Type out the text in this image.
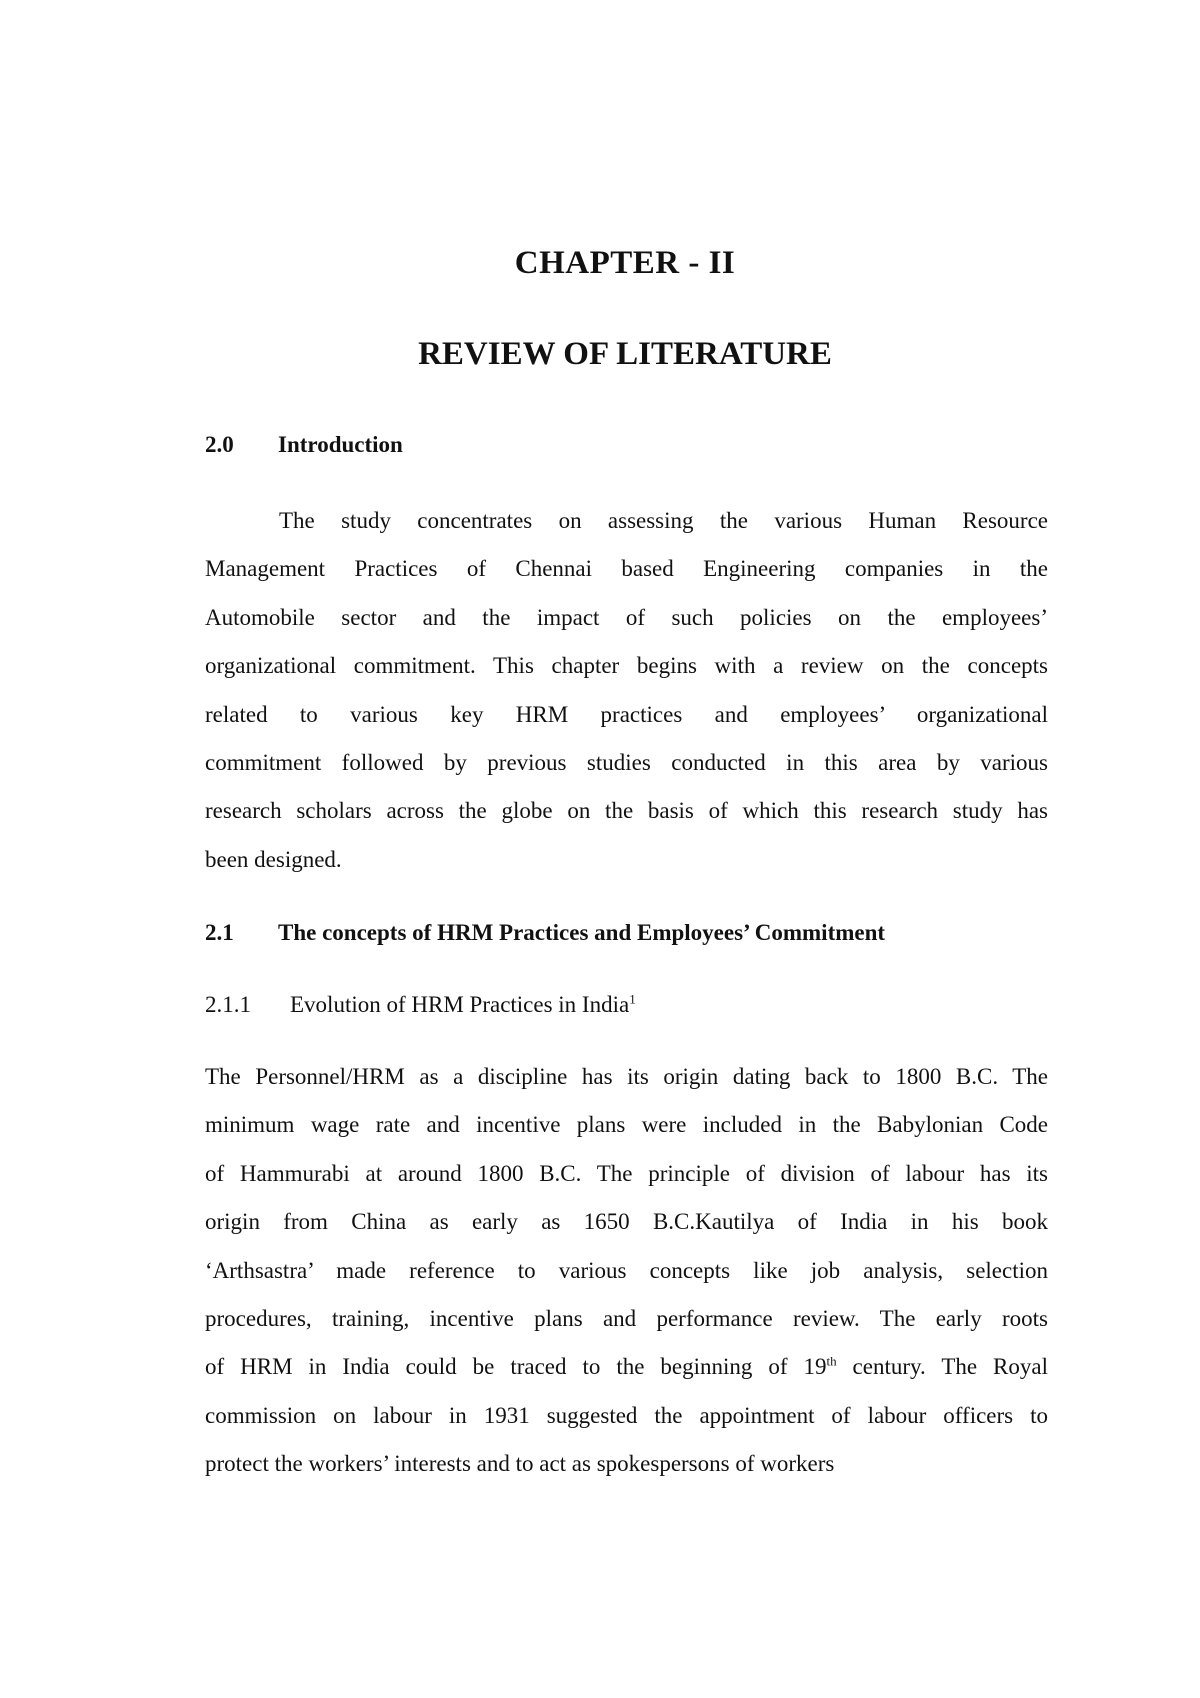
CHAPTER - II
REVIEW OF LITERATURE
2.0 Introduction
The study concentrates on assessing the various Human Resource
Management Practices of Chennai based Engineering companies in the
Automobile sector and the impact of such policies on the employees’
organizational commitment. This chapter begins with a review on the concepts
related to various key HRM practices and employees’ organizational
commitment followed by previous studies conducted in this area by various
research scholars across the globe on the basis of which this research study has
been designed.
2.1 The concepts of HRM Practices and Employees’ Commitment
2.1.1 Evolution of HRM Practices in India$^1$
The Personnel/HRM as a discipline has its origin dating back to 1800 B.C. The
minimum wage rate and incentive plans were included in the Babylonian Code
of Hammurabi at around 1800 B.C. The principle of division of labour has its
origin from China as early as 1650 B.C.Kautilya of India in his book
‘Arthsastra’ made reference to various concepts like job analysis, selection
procedures, training, incentive plans and performance review. The early roots
of HRM in India could be traced to the beginning of 19th century. The Royal
commission on labour in 1931 suggested the appointment of labour officers to
protect the workers’ interests and to act as spokespersons of workers
